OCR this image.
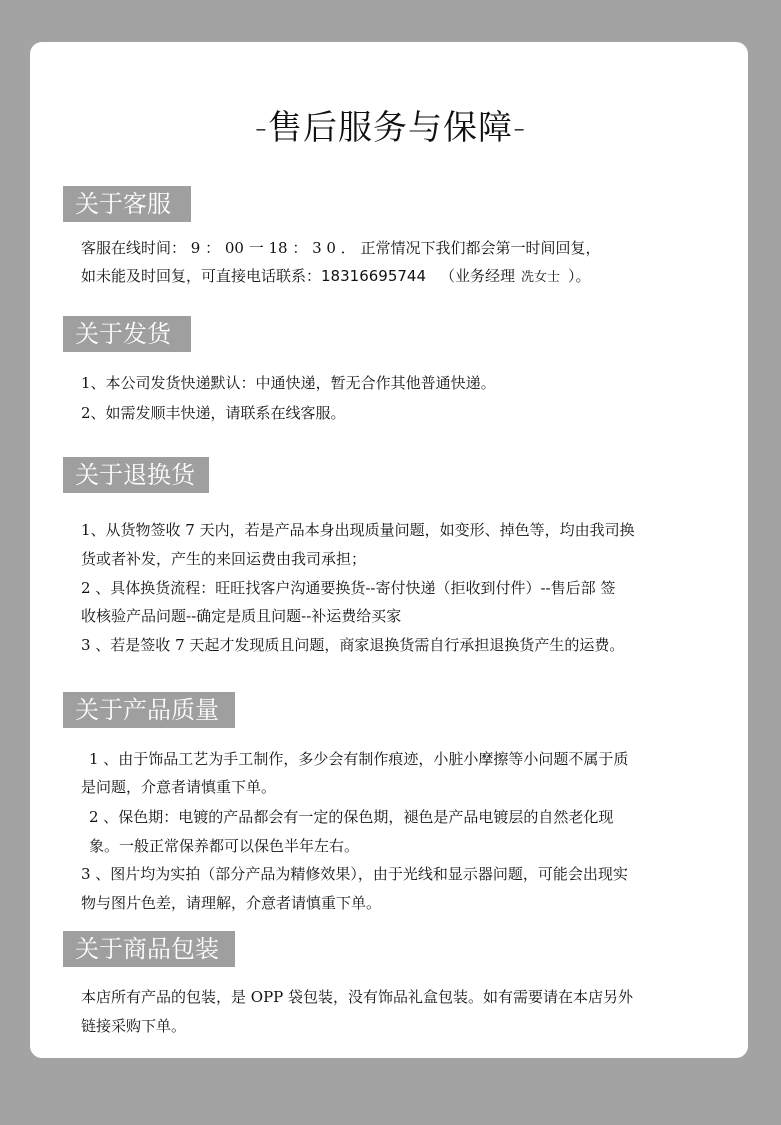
-售后服务与保障-
关于客服
客服在线时间： 9 ： 00 一 18 ： 3 0 ． 正常情况下我们都会第一时间回复，
如未能及时回复，可直接电话联系：18316695744 （业务经理 冼女士 ）。
关于发货
1、本公司发货快递默认：中通快递，暂无合作其他普通快递。
2、如需发顺丰快递，请联系在线客服。
关于退换货
1、从货物签收 7 天内，若是产品本身出现质量问题，如变形、掉色等，均由我司换
货或者补发，产生的来回运费由我司承担；
2 、具体换货流程：旺旺找客户沟通要换货--寄付快递（拒收到付件）--售后部 签
收核验产品问题--确定是质且问题--补运费给买家
3 、若是签收 7 天起才发现质且问题，商家退换货需自行承担退换货产生的运费。
关于产品质量
1 、由于饰品工艺为手工制作，多少会有制作痕迹，小脏小摩擦等小问题不属于质
是问题，介意者请慎重下单。
2 、保色期：电镀的产品都会有一定的保色期，褪色是产品电镀层的自然老化现
象。一般正常保养都可以保色半年左右。
3 、图片均为实拍（部分产品为精修效果），由于光线和显示器问题，可能会出现实
物与图片色差，请理解，介意者请慎重下单。
关于商品包装
本店所有产品的包装，是 OPP 袋包装，没有饰品礼盒包装。如有需要请在本店另外
链接采购下单。
